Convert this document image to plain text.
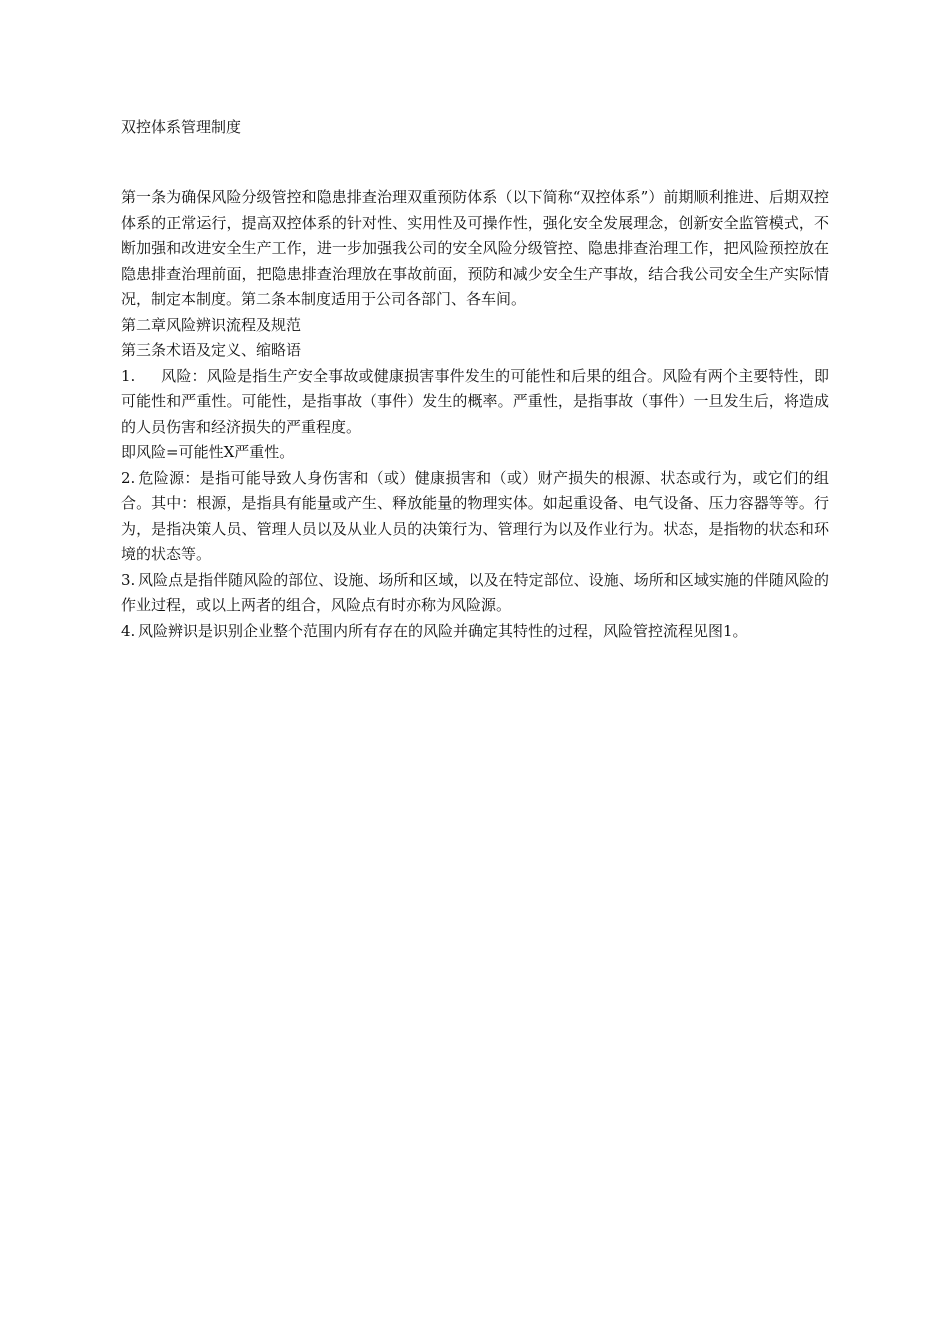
双控体系管理制度

第一条为确保风险分级管控和隐患排查治理双重预防体系（以下简称“双控体系”）前期顺利推进、后期双控体系的正常运行，提高双控体系的针对性、实用性及可操作性，强化安全发展理念，创新安全监管模式，不断加强和改进安全生产工作，进一步加强我公司的安全风险分级管控、隐患排查治理工作，把风险预控放在隐患排查治理前面，把隐患排查治理放在事故前面，预防和减少安全生产事故，结合我公司安全生产实际情况，制定本制度。第二条本制度适用于公司各部门、各车间。

第二章风险辨识流程及规范

第三条术语及定义、缩略语

1. 风险：风险是指生产安全事故或健康损害事件发生的可能性和后果的组合。风险有两个主要特性，即可能性和严重性。可能性，是指事故（事件）发生的概率。严重性，是指事故（事件）一旦发生后，将造成的人员伤害和经济损失的严重程度。

即风险=可能性X严重性。

2. 危险源：是指可能导致人身伤害和（或）健康损害和（或）财产损失的根源、状态或行为，或它们的组合。其中：根源，是指具有能量或产生、释放能量的物理实体。如起重设备、电气设备、压力容器等等。行为，是指决策人员、管理人员以及从业人员的决策行为、管理行为以及作业行为。状态，是指物的状态和环境的状态等。

3. 风险点是指伴随风险的部位、设施、场所和区域，以及在特定部位、设施、场所和区域实施的伴随风险的作业过程，或以上两者的组合，风险点有时亦称为风险源。

4. 风险辨识是识别企业整个范围内所有存在的风险并确定其特性的过程，风险管控流程见图1。
